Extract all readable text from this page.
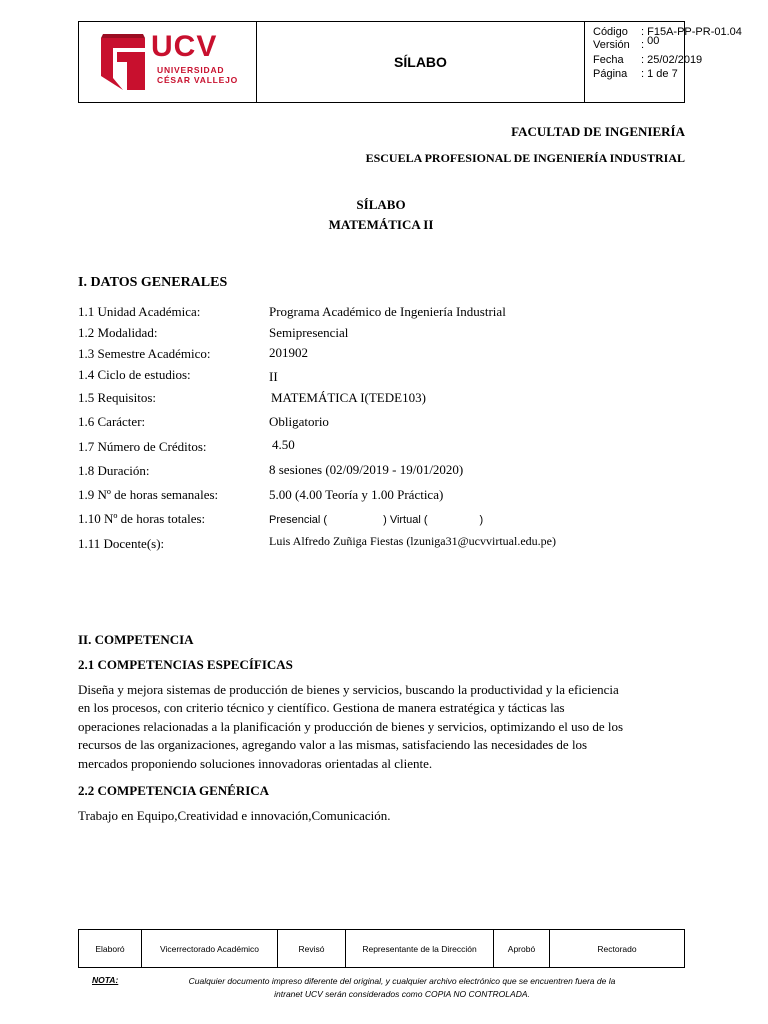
UCV
UNIVERSIDAD
CÉSAR VALLEJO
SÍLABO
Código : F15A-PP-PR-01.04
Versión : 00
Fecha : 25/02/2019
Página : 1 de 7
FACULTAD DE INGENIERÍA
ESCUELA PROFESIONAL DE INGENIERÍA INDUSTRIAL
SÍLABO
MATEMÁTICA II
I. DATOS GENERALES
1.1 Unidad Académica:	Programa Académico de Ingeniería Industrial
1.2 Modalidad:	Semipresencial
1.3 Semestre Académico:	201902
1.4 Ciclo de estudios:	II
1.5 Requisitos:	MATEMÁTICA I(TEDE103)
1.6 Carácter:	Obligatorio
1.7 Número de Créditos:	4.50
1.8 Duración:	8 sesiones (02/09/2019 - 19/01/2020)
1.9 Nº de horas semanales:	5.00 (4.00 Teoría y 1.00 Práctica)
1.10 Nº de horas totales:	Presencial (	) Virtual (	)
1.11 Docente(s):	Luis Alfredo Zuñiga Fiestas (lzuniga31@ucvvirtual.edu.pe)
II. COMPETENCIA
2.1 COMPETENCIAS ESPECÍFICAS
Diseña y mejora sistemas de producción de bienes y servicios, buscando la productividad y la eficiencia
en los procesos, con criterio técnico y científico. Gestiona de manera estratégica y tácticas las
operaciones relacionadas a la planificación y producción de bienes y servicios, optimizando el uso de los
recursos de las organizaciones, agregando valor a las mismas, satisfaciendo las necesidades de los
mercados proponiendo soluciones innovadoras orientadas al cliente.
2.2 COMPETENCIA GENÉRICA
Trabajo en Equipo,Creatividad e innovación,Comunicación.
Elaboró	Vicerrectorado Académico	Revisó	Representante de la Dirección	Aprobó	Rectorado
NOTA:	Cualquier documento impreso diferente del original, y cualquier archivo electrónico que se encuentren fuera de la
intranet UCV serán considerados como COPIA NO CONTROLADA.
